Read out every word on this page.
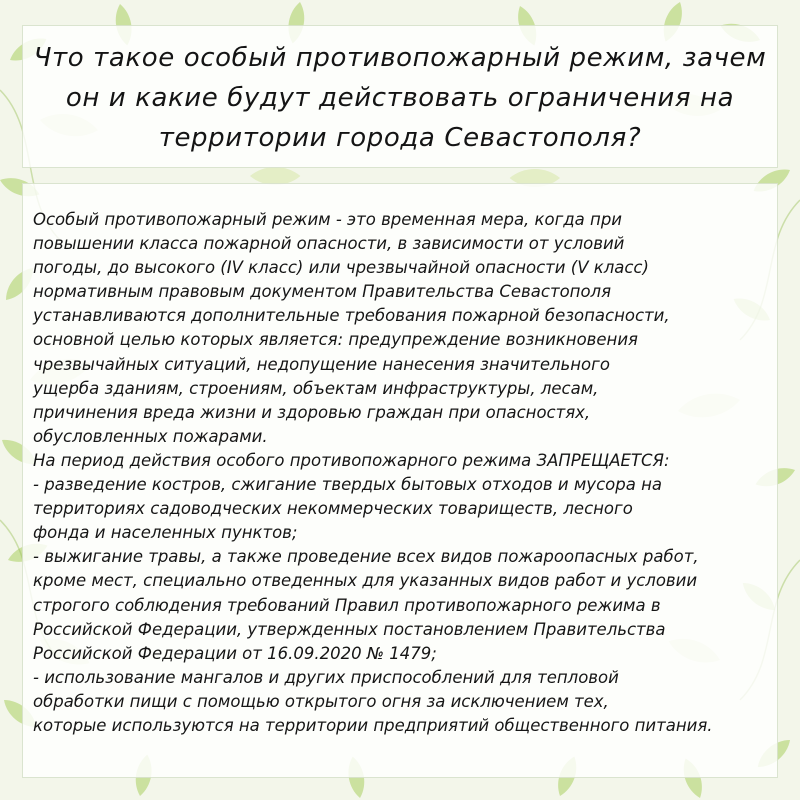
Что такое особый противопожарный режим, зачем
он и какие будут действовать ограничения на
территории города Севастополя?
Особый противопожарный режим - это временная мера, когда при
повышении класса пожарной опасности, в зависимости от условий
погоды, до высокого (IV класс) или чрезвычайной опасности (V класс)
нормативным правовым документом Правительства Севастополя
устанавливаются дополнительные требования пожарной безопасности,
основной целью которых является: предупреждение возникновения
чрезвычайных ситуаций, недопущение нанесения значительного
ущерба зданиям, строениям, объектам инфраструктуры, лесам,
причинения вреда жизни и здоровью граждан при опасностях,
обусловленных пожарами.
На период действия особого противопожарного режима ЗАПРЕЩАЕТСЯ:
- разведение костров, сжигание твердых бытовых отходов и мусора на
территориях садоводческих некоммерческих товариществ, лесного
фонда и населенных пунктов;
- выжигание травы, а также проведение всех видов пожароопасных работ,
кроме мест, специально отведенных для указанных видов работ и условии
строгого соблюдения требований Правил противопожарного режима в
Российской Федерации, утвержденных постановлением Правительства
Российской Федерации от 16.09.2020 № 1479;
- использование мангалов и других приспособлений для тепловой
обработки пищи с помощью открытого огня за исключением тех,
которые используются на территории предприятий общественного питания.
